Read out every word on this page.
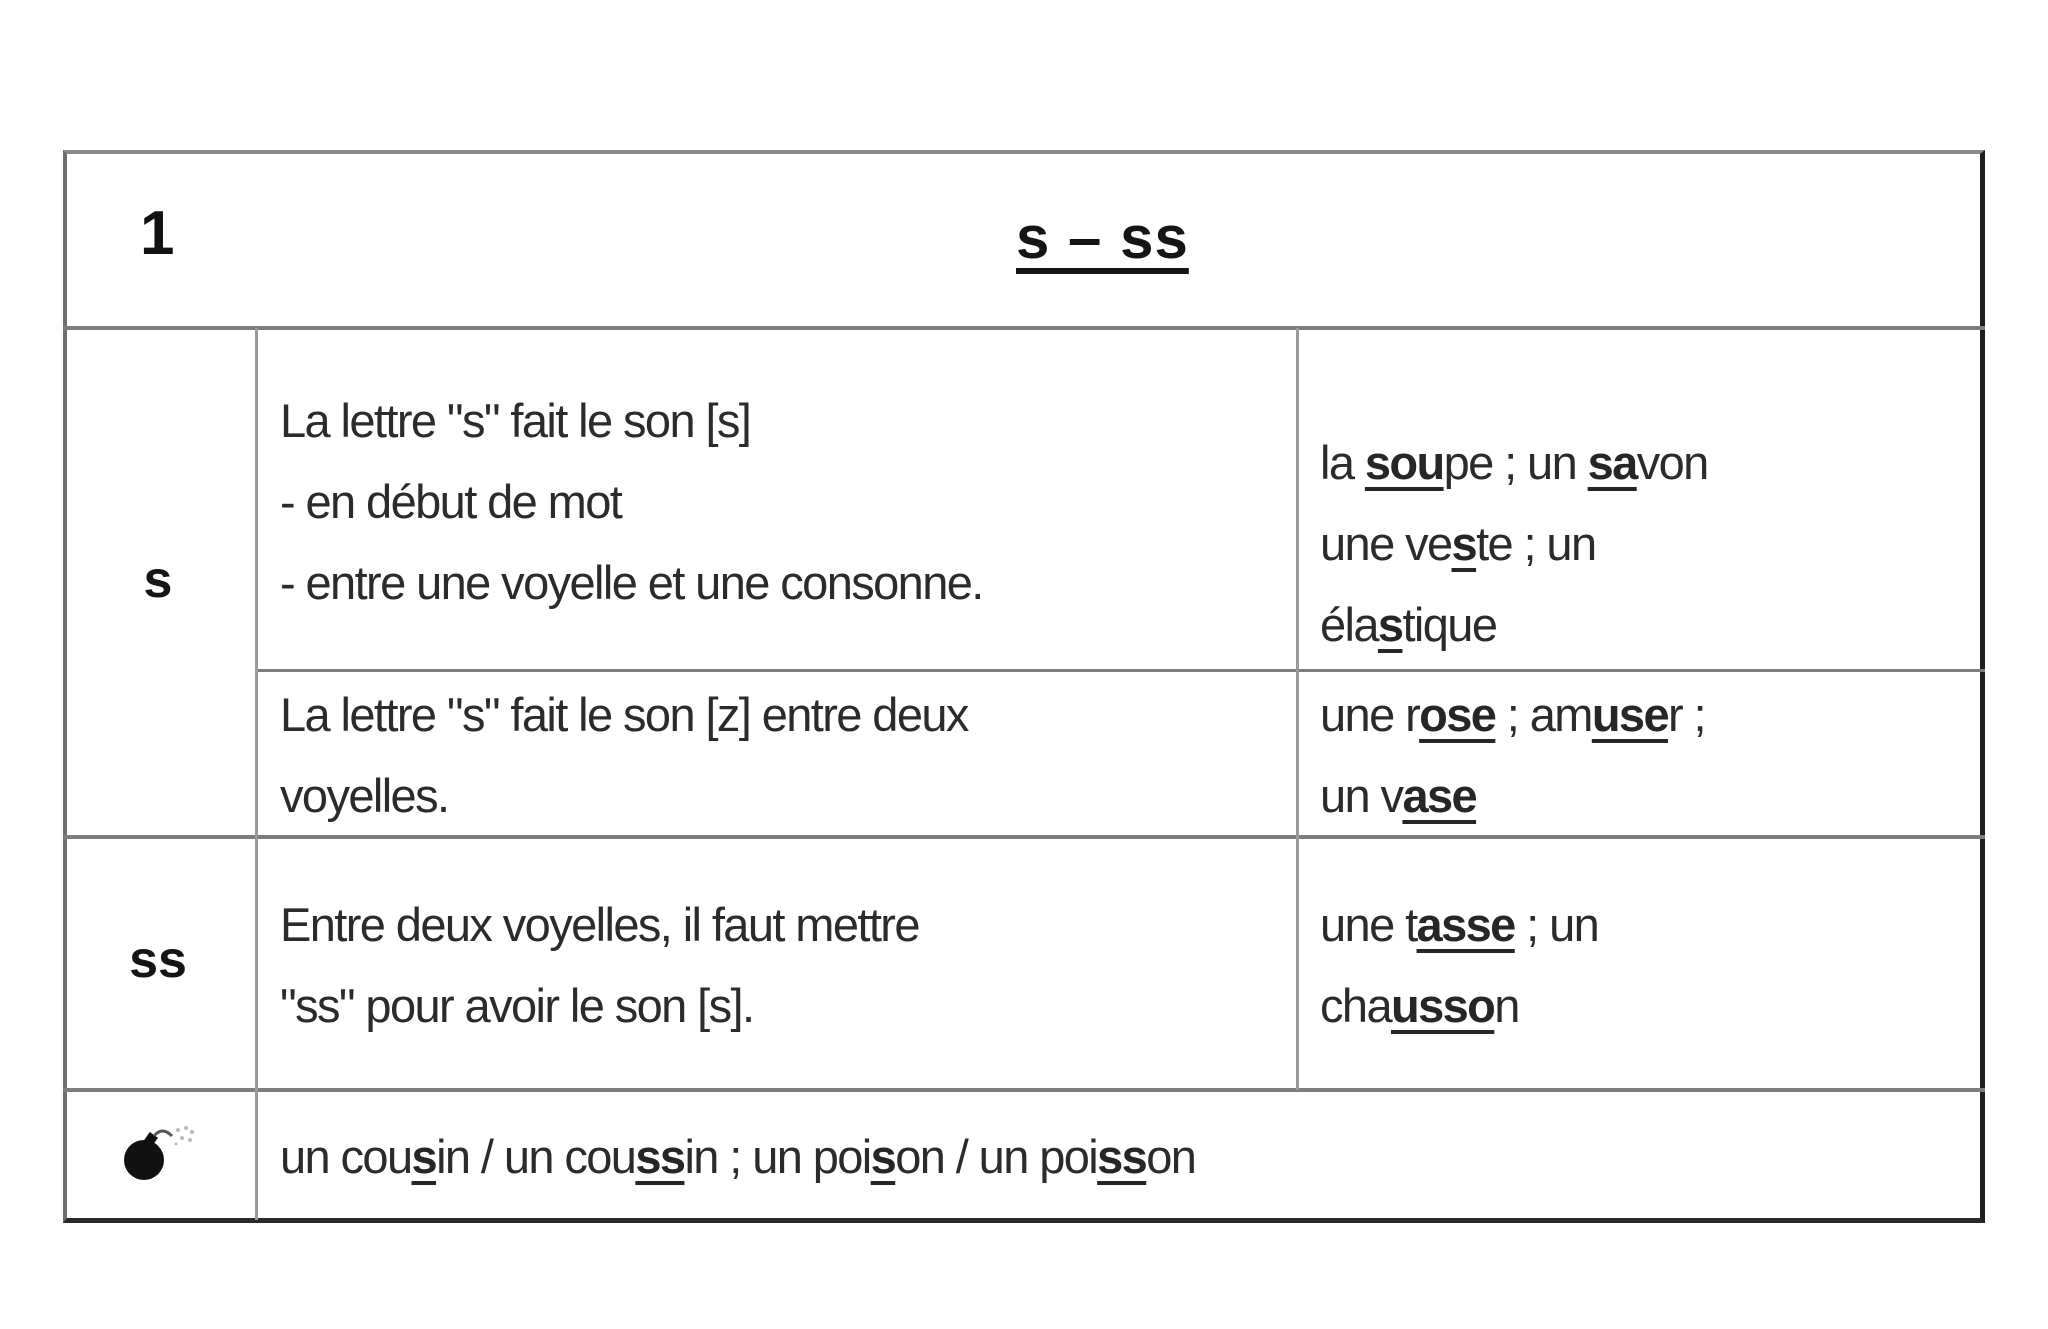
1	s – ss
s
ss
La lettre "s" fait le son [s]
- en début de mot
- entre une voyelle et une consonne.
la soupe ; un savon
une veste ; un
élastique
La lettre "s" fait le son [z] entre deux
voyelles.
une rose ; amuser ;
un vase
Entre deux voyelles, il faut mettre
"ss" pour avoir le son [s].
une tasse ; un
chausson
un cousin / un coussin ; un poison / un poisson
